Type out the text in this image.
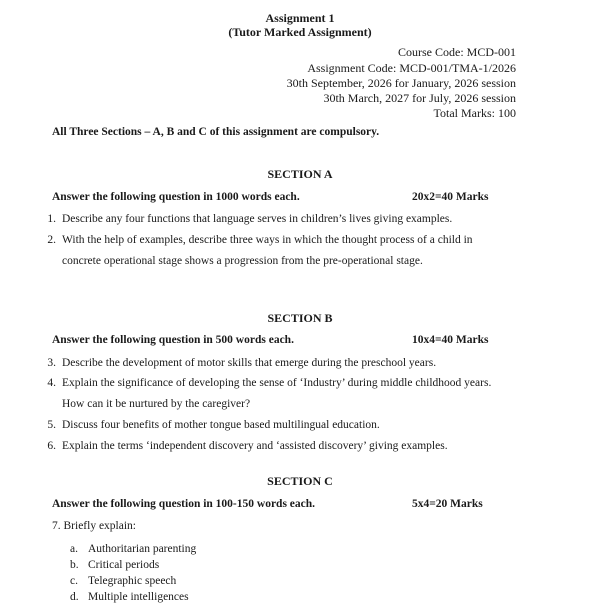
Assignment 1
(Tutor Marked Assignment)
Course Code: MCD-001
Assignment Code: MCD-001/TMA-1/2026
30th September, 2026 for January, 2026 session
30th March, 2027 for July, 2026 session
Total Marks: 100
All Three Sections – A, B and C of this assignment are compulsory.
SECTION A
Answer the following question in 1000 words each.	20x2=40 Marks
1. Describe any four functions that language serves in children’s lives giving examples.
2. With the help of examples, describe three ways in which the thought process of a child in
concrete operational stage shows a progression from the pre-operational stage.
SECTION B
Answer the following question in 500 words each.	10x4=40 Marks
3. Describe the development of motor skills that emerge during the preschool years.
4. Explain the significance of developing the sense of ‘Industry’ during middle childhood years.
How can it be nurtured by the caregiver?
5. Discuss four benefits of mother tongue based multilingual education.
6. Explain the terms ‘independent discovery and ‘assisted discovery’ giving examples.
SECTION C
Answer the following question in 100-150 words each.	5x4=20 Marks
7. Briefly explain:
a. Authoritarian parenting
b. Critical periods
c. Telegraphic speech
d. Multiple intelligences
